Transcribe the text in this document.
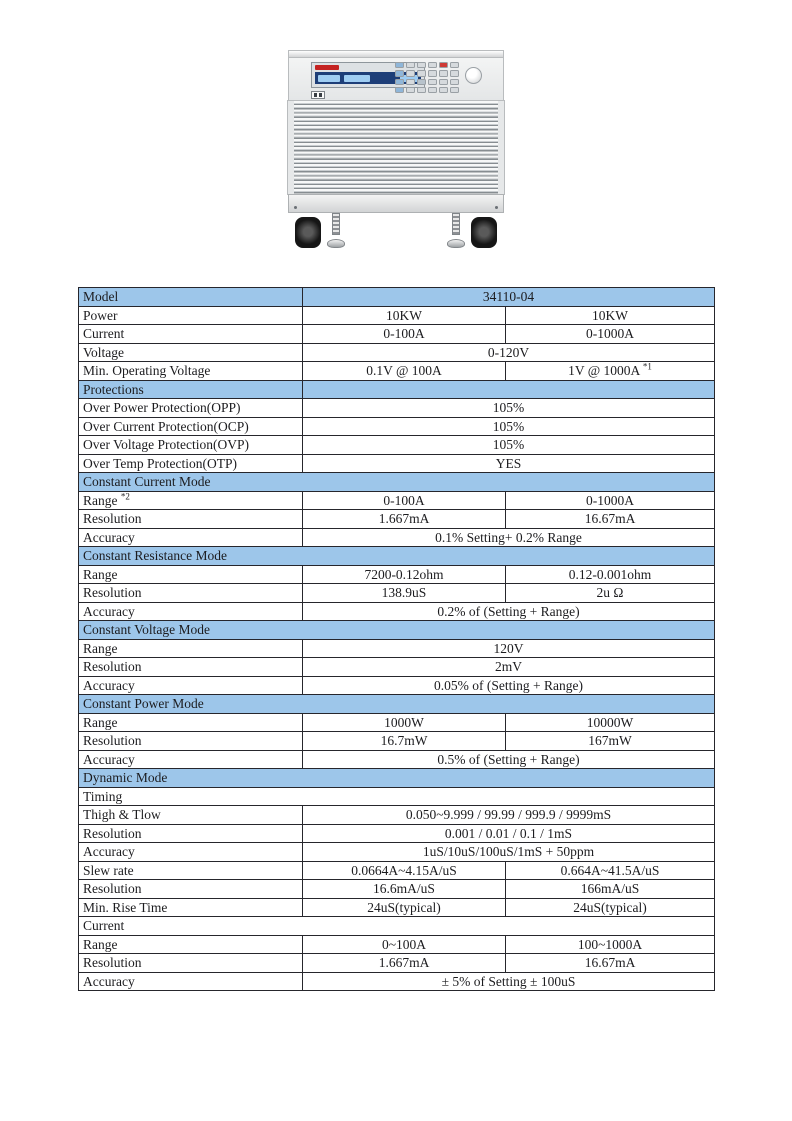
Model	34110-04	
Power	10KW	10KW
Current	0-100A	0-1000A
Voltage	0-120V	
Min. Operating Voltage	0.1V @ 100A	1V @ 1000A $^{*1}$
Protections		
Over Power Protection(OPP)	105%	
Over Current Protection(OCP)	105%	
Over Voltage Protection(OVP)	105%	
Over Temp Protection(OTP)	YES	
Constant Current Mode		
Range $^{*2}$	0-100A	0-1000A
Resolution	1.667mA	16.67mA
Accuracy	0.1% Setting+ 0.2% Range	
Constant Resistance Mode		
Range	7200-0.12ohm	0.12-0.001ohm
Resolution	138.9uS	2u Ω
Accuracy	0.2% of (Setting + Range)	
Constant Voltage Mode		
Range	120V	
Resolution	2mV	
Accuracy	0.05% of (Setting + Range)	
Constant Power Mode		
Range	1000W	10000W
Resolution	16.7mW	167mW
Accuracy	0.5% of (Setting + Range)	
Dynamic Mode		
Timing		
Thigh & Tlow	0.050~9.999 / 99.99 / 999.9 / 9999mS	
Resolution	0.001 / 0.01 / 0.1 / 1mS	
Accuracy	1uS/10uS/100uS/1mS + 50ppm	
Slew rate	0.0664A~4.15A/uS	0.664A~41.5A/uS
Resolution	16.6mA/uS	166mA/uS
Min. Rise Time	24uS(typical)	24uS(typical)
Current		
Range	0~100A	100~1000A
Resolution	1.667mA	16.67mA
Accuracy	± 5% of Setting ± 100uS	
